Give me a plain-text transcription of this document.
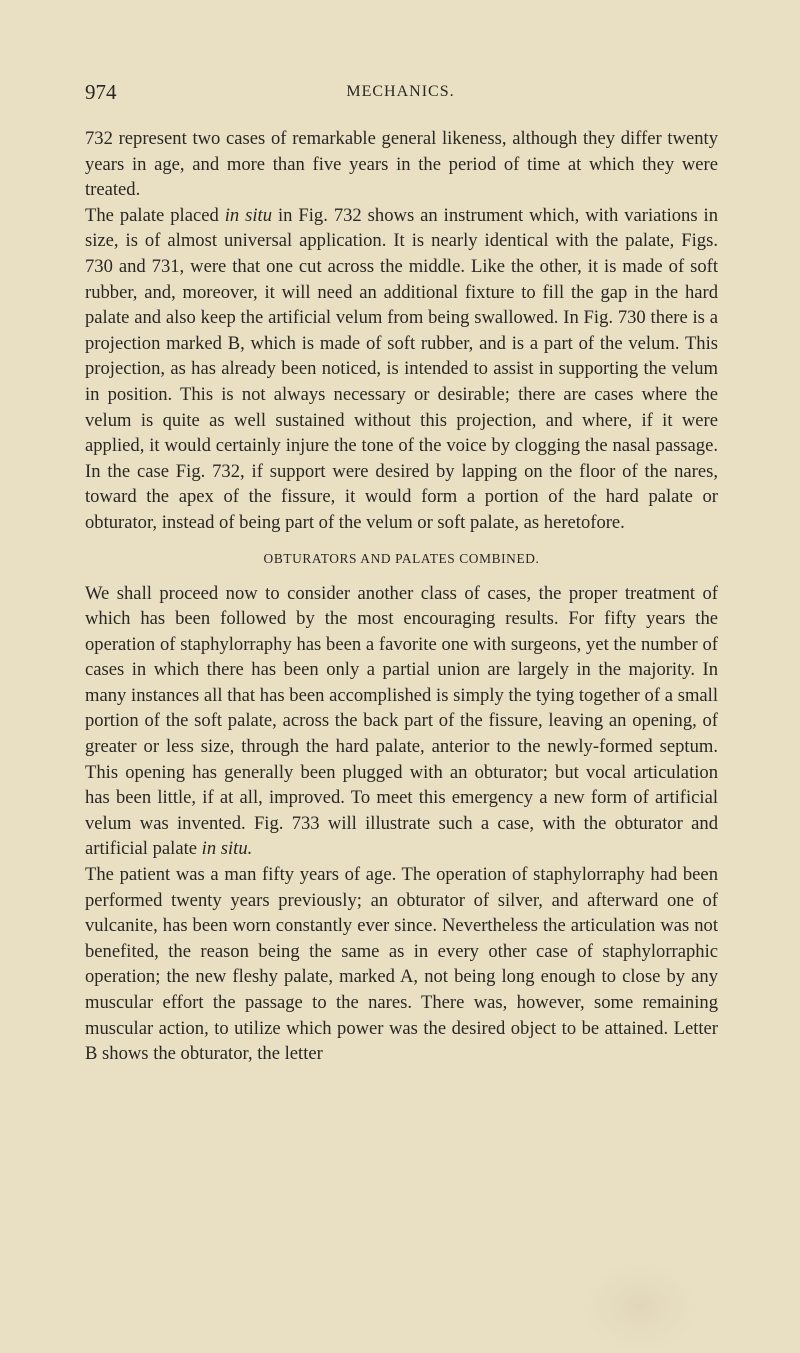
974	MECHANICS.

732 represent two cases of remarkable general likeness, although they differ twenty years in age, and more than five years in the period of time at which they were treated.

The palate placed in situ in Fig. 732 shows an instrument which, with variations in size, is of almost universal application. It is nearly identical with the palate, Figs. 730 and 731, were that one cut across the middle. Like the other, it is made of soft rubber, and, moreover, it will need an additional fixture to fill the gap in the hard palate and also keep the artificial velum from being swallowed. In Fig. 730 there is a projection marked B, which is made of soft rubber, and is a part of the velum. This projection, as has already been noticed, is intended to assist in supporting the velum in position. This is not always necessary or desirable; there are cases where the velum is quite as well sustained without this projection, and where, if it were applied, it would certainly injure the tone of the voice by clogging the nasal passage. In the case Fig. 732, if support were desired by lapping on the floor of the nares, toward the apex of the fissure, it would form a portion of the hard palate or obturator, instead of being part of the velum or soft palate, as heretofore.

OBTURATORS AND PALATES COMBINED.

We shall proceed now to consider another class of cases, the proper treatment of which has been followed by the most encouraging results. For fifty years the operation of staphylorraphy has been a favorite one with surgeons, yet the number of cases in which there has been only a partial union are largely in the majority. In many instances all that has been accomplished is simply the tying together of a small portion of the soft palate, across the back part of the fissure, leaving an opening, of greater or less size, through the hard palate, anterior to the newly-formed septum. This opening has generally been plugged with an obturator; but vocal articulation has been little, if at all, improved. To meet this emergency a new form of artificial velum was invented. Fig. 733 will illustrate such a case, with the obturator and artificial palate in situ.

The patient was a man fifty years of age. The operation of staphylorraphy had been performed twenty years previously; an obturator of silver, and afterward one of vulcanite, has been worn constantly ever since. Nevertheless the articulation was not benefited, the reason being the same as in every other case of staphylorraphic operation; the new fleshy palate, marked A, not being long enough to close by any muscular effort the passage to the nares. There was, however, some remaining muscular action, to utilize which power was the desired object to be attained. Letter B shows the obturator, the letter
